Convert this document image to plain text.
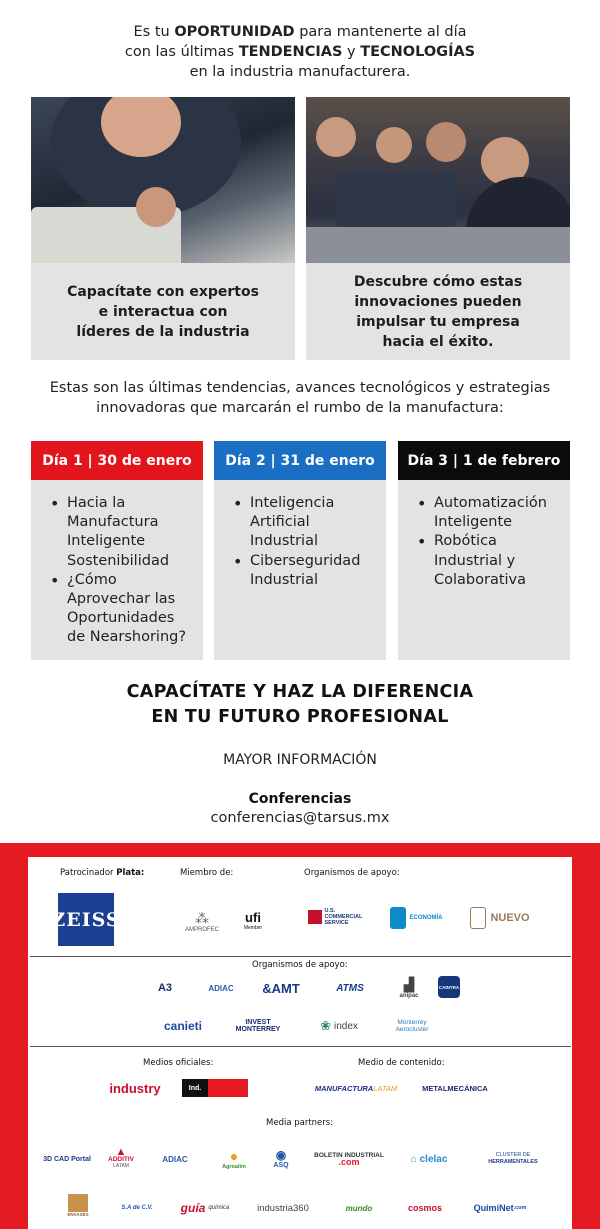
Es tu OPORTUNIDAD para mantenerte al día
con las últimas TENDENCIAS y TECNOLOGÍAS
en la industria manufacturera.
Capacítate con expertos
e interactua con
líderes de la industria
Descubre cómo estas
innovaciones pueden
impulsar tu empresa
hacia el éxito.
Estas son las últimas tendencias, avances tecnológicos y estrategias
innovadoras que marcarán el rumbo de la manufactura:
Día 1 | 30 de enero
• Hacia la
Manufactura
Inteligente
Sostenibilidad
• ¿Cómo
Aprovechar las
Oportunidades
de Nearshoring?
Día 2 | 31 de enero
• Inteligencia
Artificial
Industrial
• Ciberseguridad
Industrial
Día 3 | 1 de febrero
• Automatización
Inteligente
• Robótica
Industrial y
Colaborativa
CAPACÍTATE Y HAZ LA DIFERENCIA
EN TU FUTURO PROFESIONAL
MAYOR INFORMACIÓN
Conferencias
conferencias@tarsus.mx
Patrocinador Plata:	Miembro de:	Organismos de apoyo:
ZEISS	⁂
AMPROFEC
ufi
Member
U.S. COMMERCIAL SERVICE
ECONOMÍA	NUEVO
Organismos de apoyo:
A3	ADIAC	&AMT	ATMS	▟
anipac
CAINTRA
canieti	INVEST
MONTERREY	❀ index	Monterrey
Aerocluster
Medios oficiales:	Medio de contenido:
industry	Ind.	MANUFACTURA LATAM	METALMECÁNICA
Media partners:
3D CAD Portal
▲
ADDITIV
LATAM
ADIAC	●
Agroalim
◉
ASQ
BOLETIN INDUSTRIAL
.com	⌂ clelac	CLUSTER DE
HERRAMENTALES
ENVASES
S.A de C.V.	guía química	industria360	mundo	cosmos	QuimiNet .com
